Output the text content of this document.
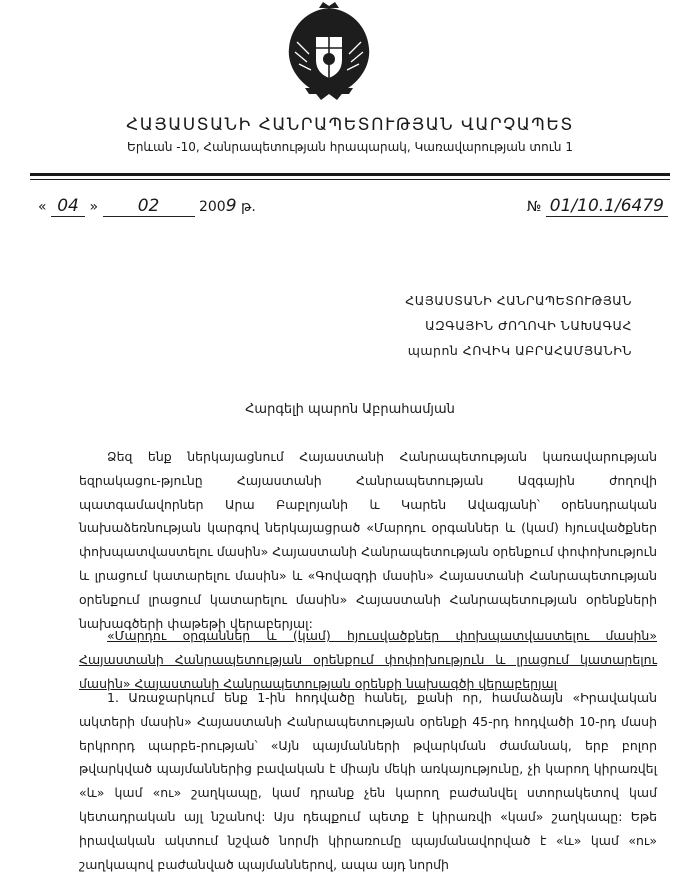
ՀԱՅԱՍՏԱՆԻ ՀԱՆՐԱՊԵՏՈՒԹՅԱՆ ՎԱՐՉԱՊԵՏ
Երևան -10, Հանրապետության հրապարակ, Կառավարության տուն 1
« 04 » 02	2009 թ.	№ 01/10.1/6479
ՀԱՅԱՍՏԱՆԻ ՀԱՆՐԱՊԵՏՈՒԹՅԱՆ
ԱԶԳԱՅԻՆ ԺՈՂՈՎԻ ՆԱԽԱԳԱՀ
պարոն ՀՈՎԻԿ ԱԲՐԱՀԱՄՅԱՆԻՆ
Հարգելի պարոն Աբրահամյան
Ձեզ ենք ներկայացնում Հայաստանի Հանրապետության կառավարության եզրակացու-թյունը Հայաստանի Հանրապետության Ազգային ժողովի պատգամավորներ Արա Բաբլոյանի և Կարեն Ավագյանի՝ օրենսդրական նախաձեռնության կարգով ներկայացրած «Մարդու օրգաններ և (կամ) հյուսվածքներ փոխպատվաստելու մասին» Հայաստանի Հանրապետության օրենքում փոփոխություն և լրացում կատարելու մասին» և «Գովազդի մասին» Հայաստանի Հանրապետության օրենքում լրացում կատարելու մասին» Հայաստանի Հանրապետության օրենքների նախագծերի փաթեթի վերաբերյալ:
«Մարդու օրգաններ և (կամ) հյուսվածքներ փոխպատվաստելու մասին» Հայաստանի Հանրապետության օրենքում փոփոխություն և լրացում կատարելու մասին» Հայաստանի Հանրապետության օրենքի նախագծի վերաբերյալ
1. Առաջարկում ենք 1-ին հոդվածը հանել, քանի որ, համաձայն «Իրավական ակտերի մասին» Հայաստանի Հանրապետության օրենքի 45-րդ հոդվածի 10-րդ մասի երկրորդ պարբե-րության՝ «Այն պայմանների թվարկման ժամանակ, երբ բոլոր թվարկված պայմաններից բավական է միայն մեկի առկայությունը, չի կարող կիրառվել «և» կամ «ու» շաղկապը, կամ դրանք չեն կարող բաժանվել ստորակետով կամ կետադրական այլ նշանով: Այս դեպքում պետք է կիրառվի «կամ» շաղկապը: Եթե իրավական ակտում նշված նորմի կիրառումը պայմանավորված է «և» կամ «ու» շաղկապով բաժանված պայմաններով, ապա այդ նորմի
